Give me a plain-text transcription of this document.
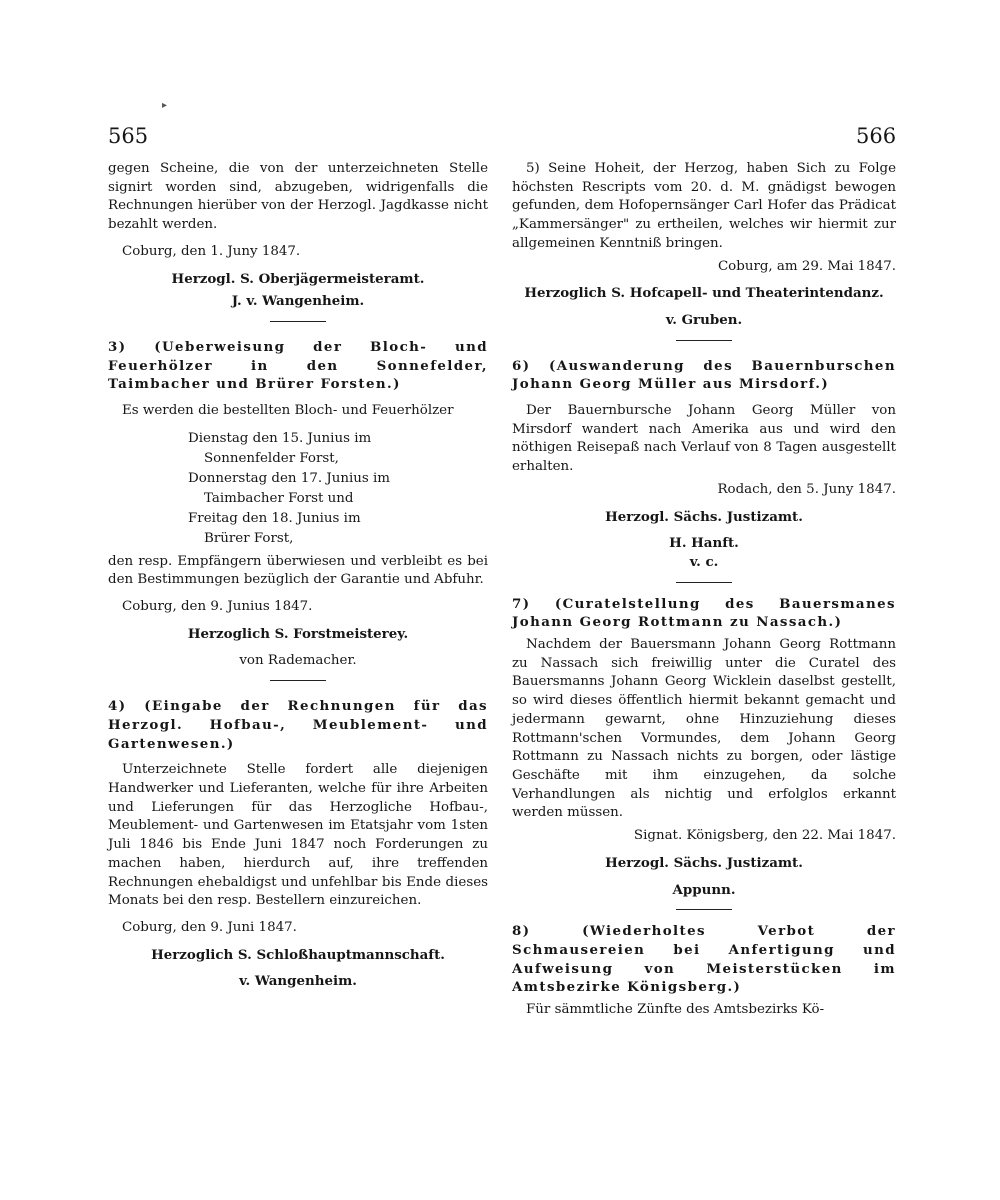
▸
565	566

gegen Scheine, die von der unterzeichneten Stelle signirt worden sind, abzugeben, widrigenfalls die Rechnungen hierüber von der Herzogl. Jagdkasse nicht bezahlt werden.

Coburg, den 1. Juny 1847.

Herzogl. S. Oberjägermeisteramt.

J. v. Wangenheim.

3) (Ueberweisung der Bloch- und Feuerhölzer in den Sonnefelder, Taimbacher und Brürer Forsten.)

Es werden die bestellten Bloch- und Feuerhölzer

Dienstag den 15. Junius im
Sonnenfelder Forst,
Donnerstag den 17. Junius im
Taimbacher Forst und
Freitag den 18. Junius im
Brürer Forst,

den resp. Empfängern überwiesen und verbleibt es bei den Bestimmungen bezüglich der Garantie und Abfuhr.

Coburg, den 9. Junius 1847.

Herzoglich S. Forstmeisterey.

von Rademacher.

4) (Eingabe der Rechnungen für das Herzogl. Hofbau-, Meublement- und Gartenwesen.)

Unterzeichnete Stelle fordert alle diejenigen Handwerker und Lieferanten, welche für ihre Arbeiten und Lieferungen für das Herzogliche Hofbau-, Meublement- und Gartenwesen im Etatsjahr vom 1sten Juli 1846 bis Ende Juni 1847 noch Forderungen zu machen haben, hierdurch auf, ihre treffenden Rechnungen ehebaldigst und unfehlbar bis Ende dieses Monats bei den resp. Bestellern einzureichen.

Coburg, den 9. Juni 1847.

Herzoglich S. Schloßhauptmannschaft.

v. Wangenheim.

5) Seine Hoheit, der Herzog, haben Sich zu Folge höchsten Rescripts vom 20. d. M. gnädigst bewogen gefunden, dem Hofopernsänger Carl Hofer das Prädicat „Kammersänger" zu ertheilen, welches wir hiermit zur allgemeinen Kenntniß bringen.

Coburg, am 29. Mai 1847.

Herzoglich S. Hofcapell- und Theaterintendanz.

v. Gruben.

6) (Auswanderung des Bauernburschen Johann Georg Müller aus Mirsdorf.)

Der Bauernbursche Johann Georg Müller von Mirsdorf wandert nach Amerika aus und wird den nöthigen Reisepaß nach Verlauf von 8 Tagen ausgestellt erhalten.

Rodach, den 5. Juny 1847.

Herzogl. Sächs. Justizamt.

H. Hanft.

v. c.

7) (Curatelstellung des Bauersmanes Johann Georg Rottmann zu Nassach.)

Nachdem der Bauersmann Johann Georg Rottmann zu Nassach sich freiwillig unter die Curatel des Bauersmanns Johann Georg Wicklein daselbst gestellt, so wird dieses öffentlich hiermit bekannt gemacht und jedermann gewarnt, ohne Hinzuziehung dieses Rottmann'schen Vormundes, dem Johann Georg Rottmann zu Nassach nichts zu borgen, oder lästige Geschäfte mit ihm einzugehen, da solche Verhandlungen als nichtig und erfolglos erkannt werden müssen.

Signat. Königsberg, den 22. Mai 1847.

Herzogl. Sächs. Justizamt.

Appunn.

8) (Wiederholtes Verbot der Schmausereien bei Anfertigung und Aufweisung von Meisterstücken im Amtsbezirke Königsberg.)

Für sämmtliche Zünfte des Amtsbezirks Kö-
